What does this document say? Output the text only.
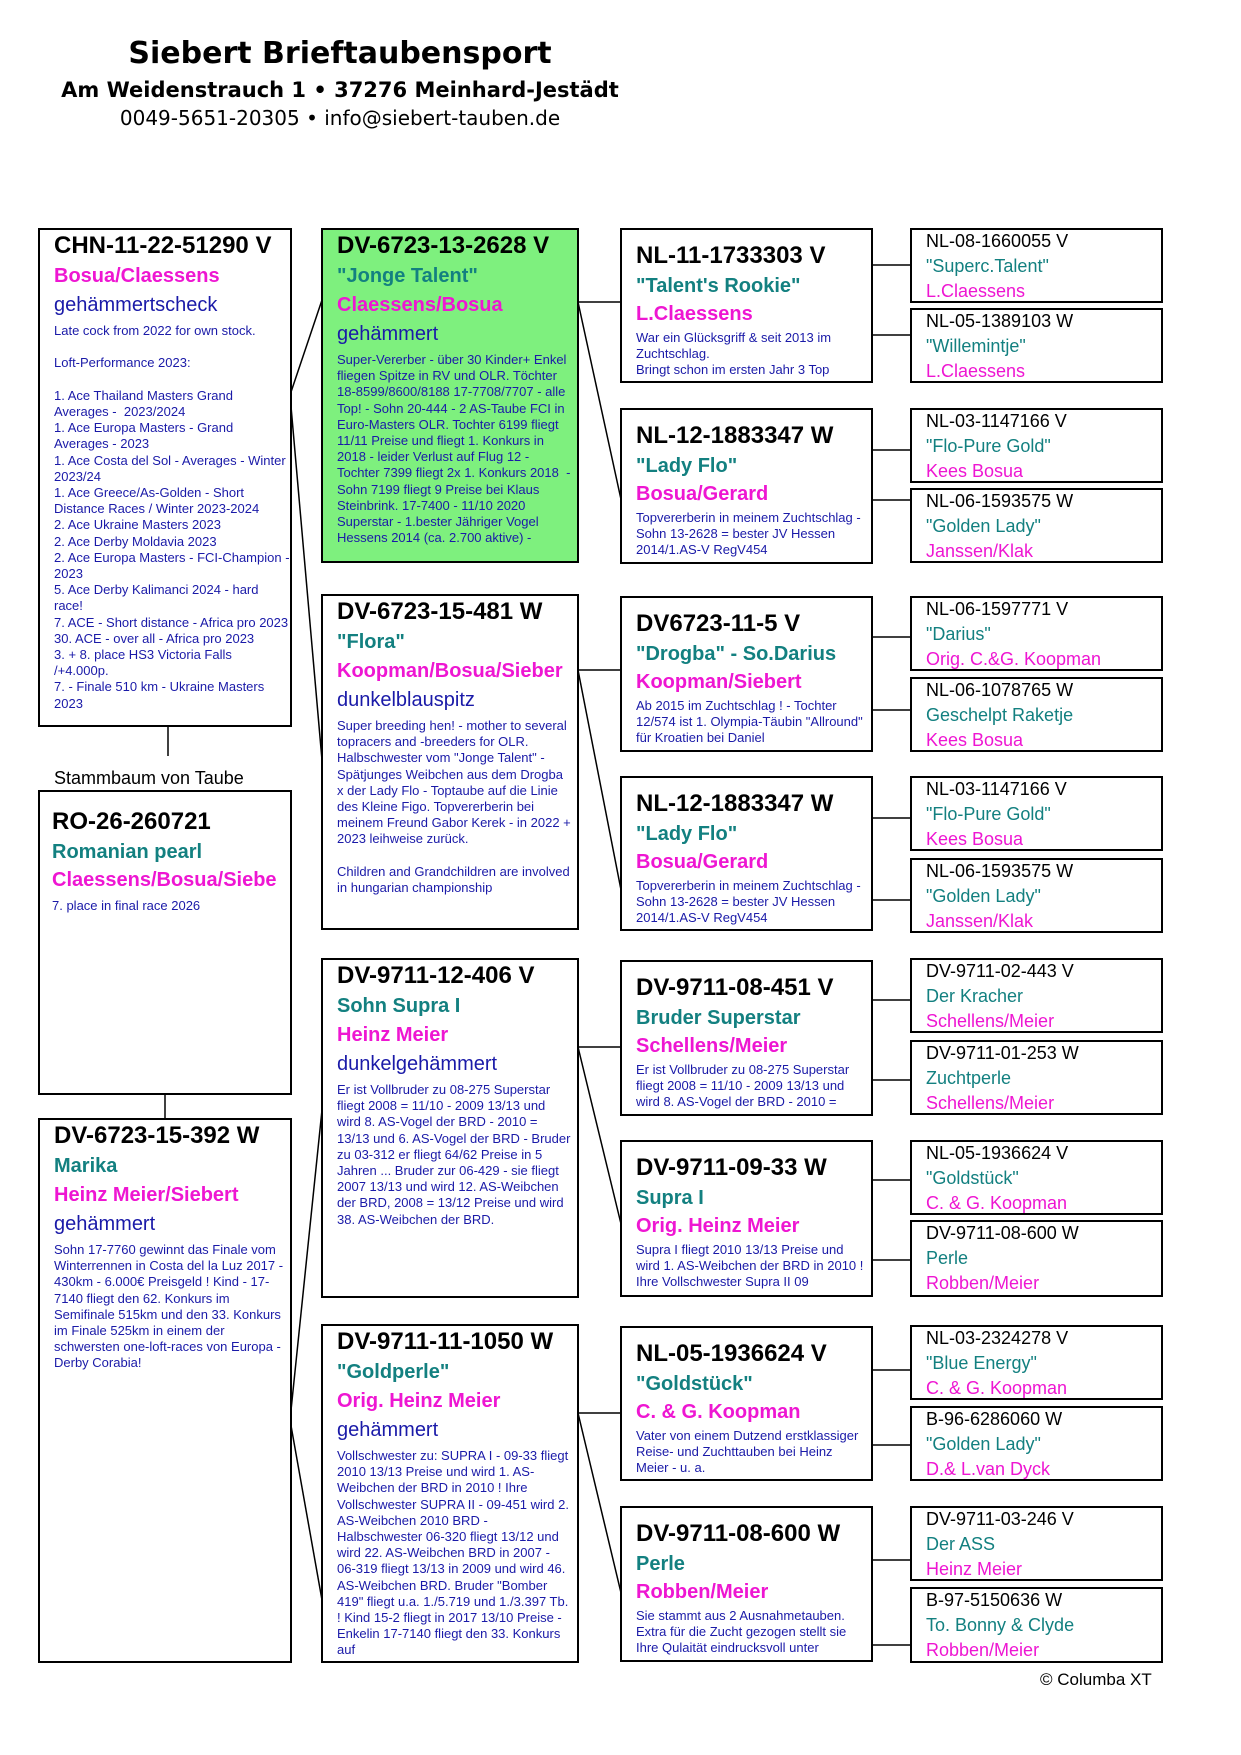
Siebert Brieftaubensport
Am Weidenstrauch 1 • 37276 Meinhard-Jestädt
0049-5651-20305 • info@siebert-tauben.de
CHN-11-22-51290 V
Bosua/Claessens
gehämmertscheck
Late cock from 2022 for own stock.

Loft-Performance 2023:

1. Ace Thailand Masters Grand Averages -  2023/2024
1. Ace Europa Masters - Grand Averages - 2023
1. Ace Costa del Sol - Averages - Winter 2023/24
1. Ace Greece/As-Golden - Short Distance Races / Winter 2023-2024
2. Ace Ukraine Masters 2023
2. Ace Derby Moldavia 2023
2. Ace Europa Masters - FCI-Champion - 2023
5. Ace Derby Kalimanci 2024 - hard race!
7. ACE - Short distance - Africa pro 2023
30. ACE - over all - Africa pro 2023
3. + 8. place HS3 Victoria Falls /+4.000p.
7. - Finale 510 km - Ukraine Masters 2023
RO-26-260721
Romanian pearl
Claessens/Bosua/Siebe
7. place in final race 2026
Stammbaum von Taube
DV-6723-15-392 W
Marika
Heinz Meier/Siebert
gehämmert
Sohn 17-7760 gewinnt das Finale vom Winterrennen in Costa del la Luz 2017 - 430km - 6.000€ Preisgeld ! Kind - 17-7140 fliegt den 62. Konkurs im Semifinale 515km und den 33. Konkurs im Finale 525km in einem der schwersten one-loft-races von Europa - Derby Corabia!
DV-6723-13-2628 V
"Jonge Talent"
Claessens/Bosua
gehämmert
Super-Vererber - über 30 Kinder+ Enkel fliegen Spitze in RV und OLR. Töchter 18-8599/8600/8188 17-7708/7707 - alle Top! - Sohn 20-444 - 2 AS-Taube FCI in Euro-Masters OLR. Tochter 6199 fliegt 11/11 Preise und fliegt 1. Konkurs in 2018 - leider Verlust auf Flug 12 - Tochter 7399 fliegt 2x 1. Konkurs 2018  - Sohn 7199 fliegt 9 Preise bei Klaus Steinbrink. 17-7400 - 11/10 2020 Superstar - 1.bester Jähriger Vogel Hessens 2014 (ca. 2.700 aktive) -
DV-6723-15-481 W
"Flora"
Koopman/Bosua/Sieber
dunkelblauspitz
Super breeding hen! - mother to several topracers and -breeders for OLR.
Halbschwester vom "Jonge Talent" - Spätjunges Weibchen aus dem Drogba x der Lady Flo - Toptaube auf die Linie des Kleine Figo. Topvererberin bei meinem Freund Gabor Kerek - in 2022 + 2023 leihweise zurück.

Children and Grandchildren are involved in hungarian championship
DV-9711-12-406 V
Sohn Supra I
Heinz Meier
dunkelgehämmert
Er ist Vollbruder zu 08-275 Superstar fliegt 2008 = 11/10 - 2009 13/13 und wird 8. AS-Vogel der BRD - 2010 = 13/13 und 6. AS-Vogel der BRD - Bruder zu 03-312 er fliegt 64/62 Preise in 5 Jahren ... Bruder zur 06-429 - sie fliegt 2007 13/13 und wird 12. AS-Weibchen der BRD, 2008 = 13/12 Preise und wird 38. AS-Weibchen der BRD.
DV-9711-11-1050 W
"Goldperle"
Orig. Heinz Meier
gehämmert
Vollschwester zu: SUPRA I - 09-33 fliegt 2010 13/13 Preise und wird 1. AS-Weibchen der BRD in 2010 ! Ihre Vollschwester SUPRA II - 09-451 wird 2. AS-Weibchen 2010 BRD - Halbschwester 06-320 fliegt 13/12 und wird 22. AS-Weibchen BRD in 2007 - 06-319 fliegt 13/13 in 2009 und wird 46. AS-Weibchen BRD. Bruder "Bomber 419" fliegt u.a. 1./5.719 und 1./3.397 Tb. ! Kind 15-2 fliegt in 2017 13/10 Preise - Enkelin 17-7140 fliegt den 33. Konkurs auf
NL-11-1733303 V
"Talent's Rookie"
L.Claessens
War ein Glücksgriff & seit 2013 im Zuchtschlag.
Bringt schon im ersten Jahr 3 Top
NL-12-1883347 W
"Lady Flo"
Bosua/Gerard
Topvererberin in meinem Zuchtschlag - Sohn 13-2628 = bester JV Hessen 2014/1.AS-V RegV454
DV6723-11-5 V
"Drogba" - So.Darius
Koopman/Siebert
Ab 2015 im Zuchtschlag ! - Tochter 12/574 ist 1. Olympia-Täubin "Allround" für Kroatien bei Daniel
NL-12-1883347 W
"Lady Flo"
Bosua/Gerard
Topvererberin in meinem Zuchtschlag - Sohn 13-2628 = bester JV Hessen 2014/1.AS-V RegV454
DV-9711-08-451 V
Bruder Superstar
Schellens/Meier
Er ist Vollbruder zu 08-275 Superstar fliegt 2008 = 11/10 - 2009 13/13 und wird 8. AS-Vogel der BRD - 2010 =
DV-9711-09-33 W
Supra I
Orig. Heinz Meier
Supra I fliegt 2010 13/13 Preise und wird 1. AS-Weibchen der BRD in 2010 ! Ihre Vollschwester Supra II 09
NL-05-1936624 V
"Goldstück"
C. & G. Koopman
Vater von einem Dutzend erstklassiger Reise- und Zuchttauben bei Heinz Meier - u. a.
DV-9711-08-600 W
Perle
Robben/Meier
Sie stammt aus 2 Ausnahmetauben. Extra für die Zucht gezogen stellt sie Ihre Qulaität eindrucksvoll unter
NL-08-1660055 V
"Superc.Talent"
L.Claessens
NL-05-1389103 W
"Willemintje"
L.Claessens
NL-03-1147166 V
"Flo-Pure Gold"
Kees Bosua
NL-06-1593575 W
"Golden Lady"
Janssen/Klak
NL-06-1597771 V
"Darius"
Orig. C.&G. Koopman
NL-06-1078765 W
Geschelpt Raketje
Kees Bosua
NL-03-1147166 V
"Flo-Pure Gold"
Kees Bosua
NL-06-1593575 W
"Golden Lady"
Janssen/Klak
DV-9711-02-443 V
Der Kracher
Schellens/Meier
DV-9711-01-253 W
Zuchtperle
Schellens/Meier
NL-05-1936624 V
"Goldstück"
C. & G. Koopman
DV-9711-08-600 W
Perle
Robben/Meier
NL-03-2324278 V
"Blue Energy"
C. & G. Koopman
B-96-6286060 W
"Golden Lady"
D.& L.van Dyck
DV-9711-03-246 V
Der ASS
Heinz Meier
B-97-5150636 W
To. Bonny & Clyde
Robben/Meier
© Columba XT
